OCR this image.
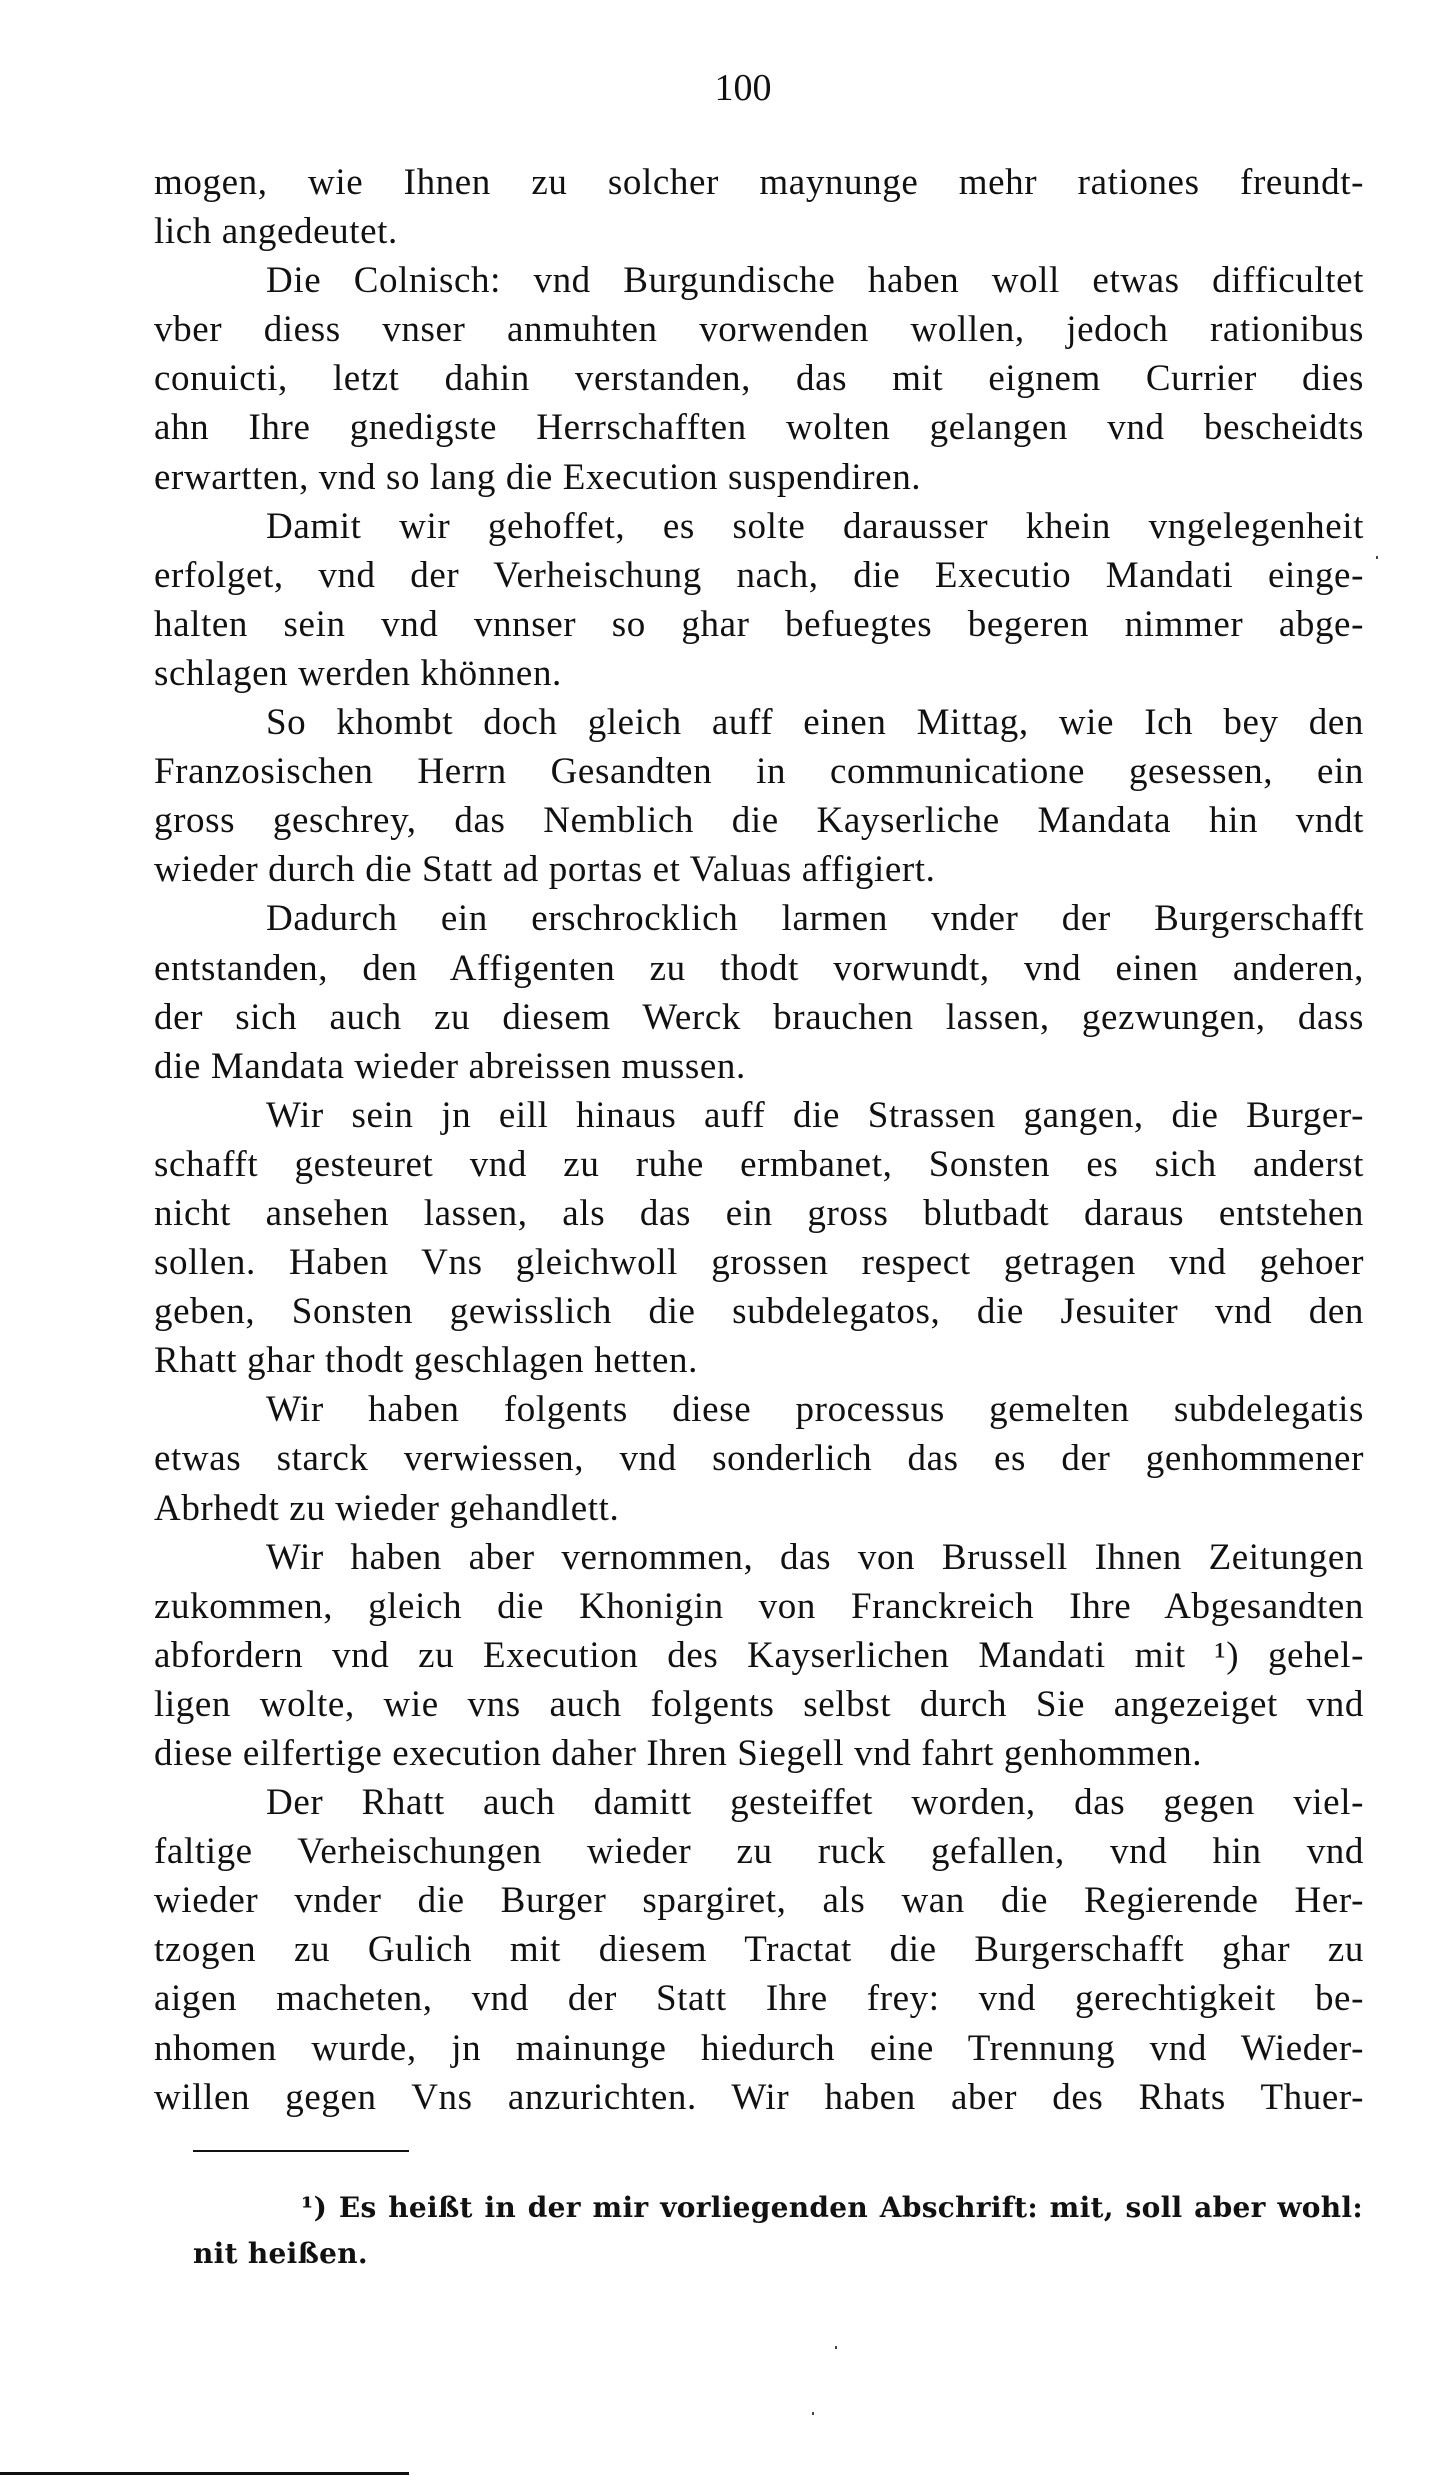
100
mogen, wie Ihnen zu solcher maynunge mehr rationes freundt-
lich angedeutet.
Die Colnisch: vnd Burgundische haben woll etwas difficultet
vber diess vnser anmuhten vorwenden wollen, jedoch rationibus
conuicti, letzt dahin verstanden, das mit eignem Currier dies
ahn Ihre gnedigste Herrschafften wolten gelangen vnd bescheidts
erwartten, vnd so lang die Execution suspendiren.
Damit wir gehoffet, es solte darausser khein vngelegenheit
erfolget, vnd der Verheischung nach, die Executio Mandati einge-
halten sein vnd vnnser so ghar befuegtes begeren nimmer abge-
schlagen werden khönnen.
So khombt doch gleich auff einen Mittag, wie Ich bey den
Franzosischen Herrn Gesandten in communicatione gesessen, ein
gross geschrey, das Nemblich die Kayserliche Mandata hin vndt
wieder durch die Statt ad portas et Valuas affigiert.
Dadurch ein erschrocklich larmen vnder der Burgerschafft
entstanden, den Affigenten zu thodt vorwundt, vnd einen anderen,
der sich auch zu diesem Werck brauchen lassen, gezwungen, dass
die Mandata wieder abreissen mussen.
Wir sein jn eill hinaus auff die Strassen gangen, die Burger-
schafft gesteuret vnd zu ruhe ermbanet, Sonsten es sich anderst
nicht ansehen lassen, als das ein gross blutbadt daraus entstehen
sollen. Haben Vns gleichwoll grossen respect getragen vnd gehoer
geben, Sonsten gewisslich die subdelegatos, die Jesuiter vnd den
Rhatt ghar thodt geschlagen hetten.
Wir haben folgents diese processus gemelten subdelegatis
etwas starck verwiessen, vnd sonderlich das es der genhommener
Abrhedt zu wieder gehandlett.
Wir haben aber vernommen, das von Brussell Ihnen Zeitungen
zukommen, gleich die Khonigin von Franckreich Ihre Abgesandten
abfordern vnd zu Execution des Kayserlichen Mandati mit ¹) gehel-
ligen wolte, wie vns auch folgents selbst durch Sie angezeiget vnd
diese eilfertige execution daher Ihren Siegell vnd fahrt genhommen.
Der Rhatt auch damitt gesteiffet worden, das gegen viel-
faltige Verheischungen wieder zu ruck gefallen, vnd hin vnd
wieder vnder die Burger spargiret, als wan die Regierende Her-
tzogen zu Gulich mit diesem Tractat die Burgerschafft ghar zu
aigen macheten, vnd der Statt Ihre frey: vnd gerechtigkeit be-
nhomen wurde, jn mainunge hiedurch eine Trennung vnd Wieder-
willen gegen Vns anzurichten. Wir haben aber des Rhats Thuer-
¹) Es heißt in der mir vorliegenden Abschrift: mit, soll aber wohl:
nit heißen.
